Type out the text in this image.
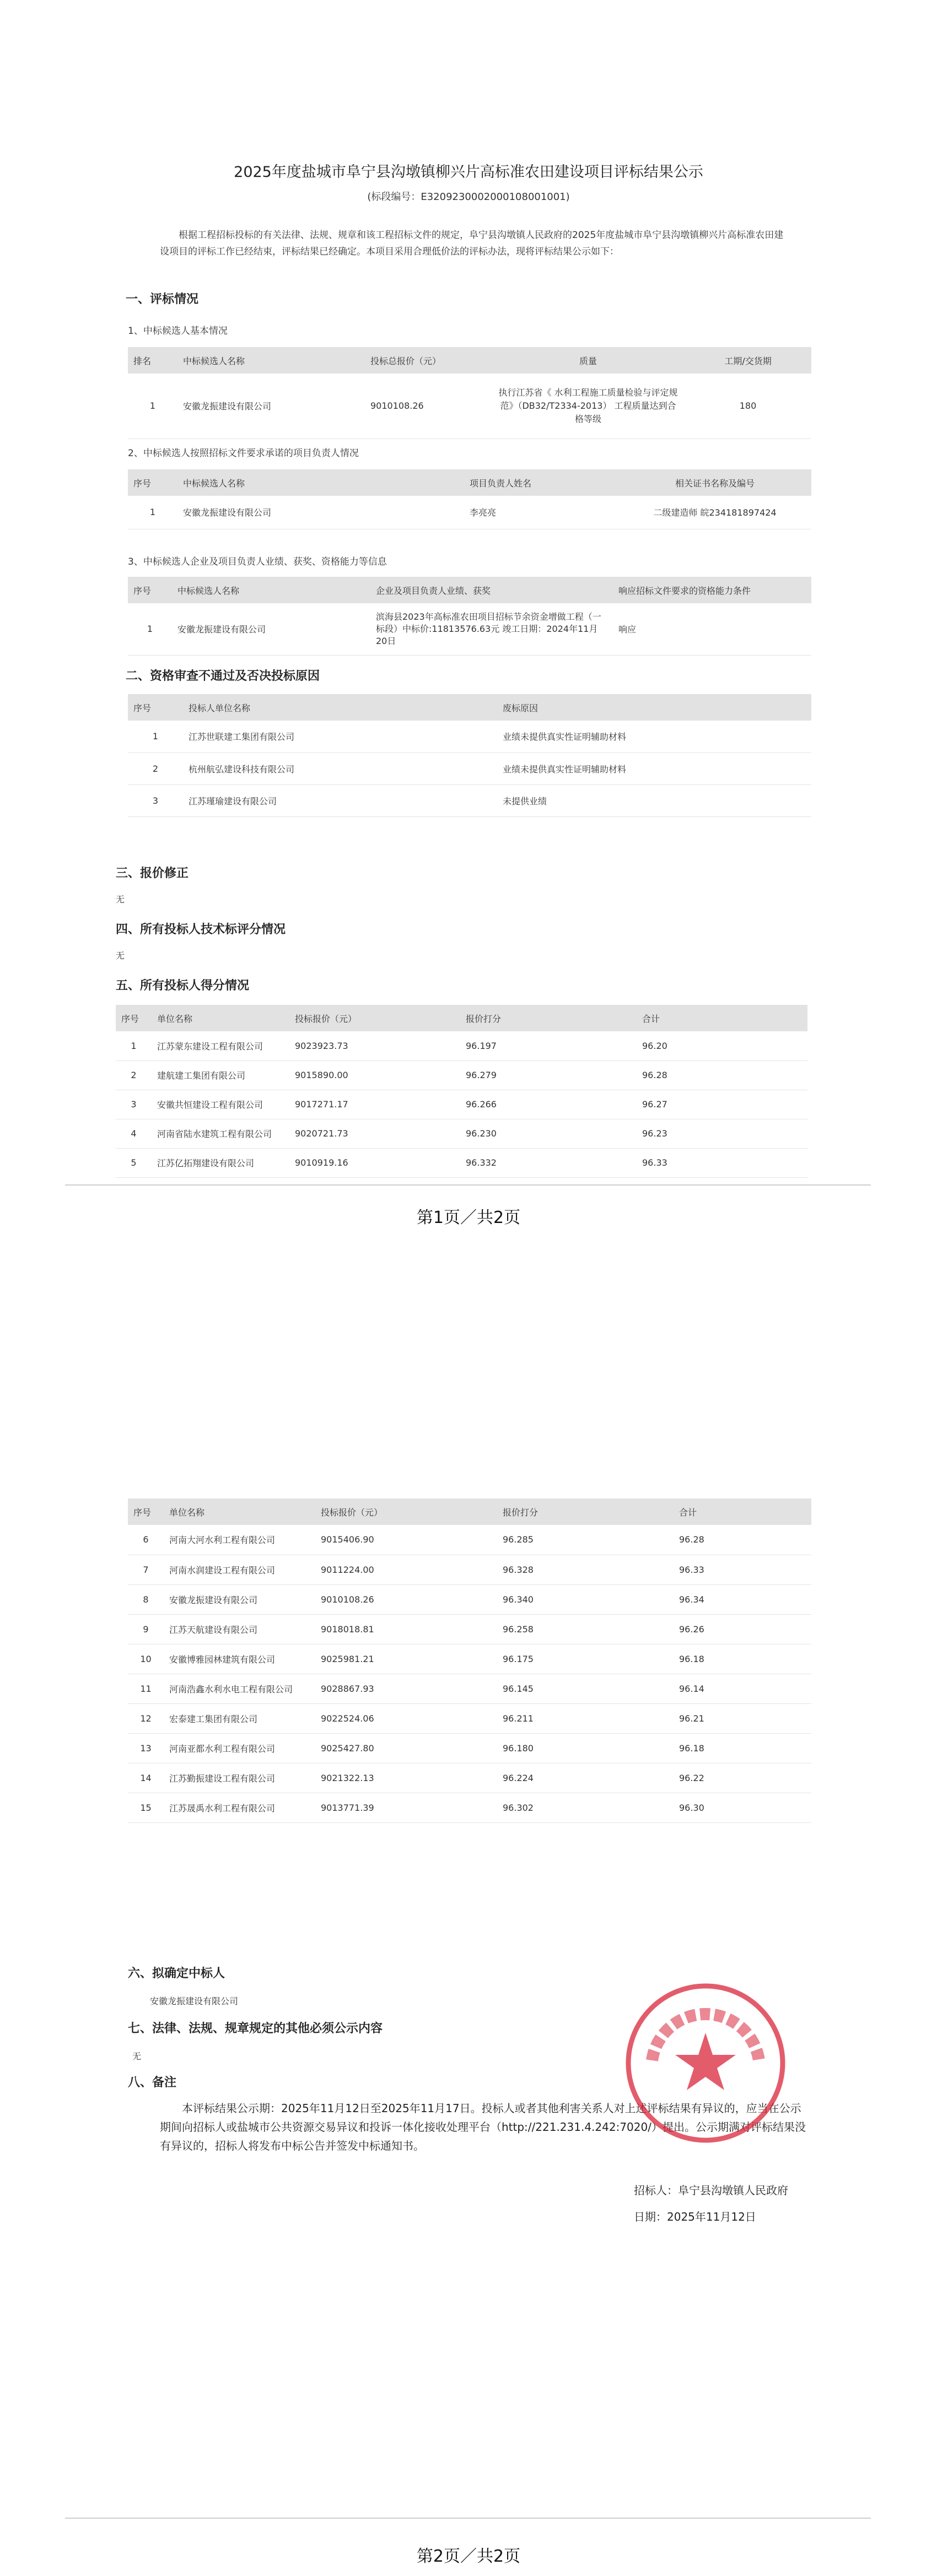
2025年度盐城市阜宁县沟墩镇柳兴片高标准农田建设项目评标结果公示
(标段编号：E3209230002000108001001)
根据工程招标投标的有关法律、法规、规章和该工程招标文件的规定，阜宁县沟墩镇人民政府的2025年度盐城市阜宁县沟墩镇柳兴片高标准农田建设项目的评标工作已经结束，评标结果已经确定。本项目采用合理低价法的评标办法，现将评标结果公示如下：
一、评标情况
1、中标候选人基本情况
排名	中标候选人名称	投标总报价（元）	质量	工期/交货期
1	安徽龙振建设有限公司	9010108.26	执行江苏省《 水利工程施工质量检验与评定规范》（DB32/T2334-2013） 工程质量达到合格等级	180
2、中标候选人按照招标文件要求承诺的项目负责人情况
序号	中标候选人名称	项目负责人姓名	相关证书名称及编号
1	安徽龙振建设有限公司	李亮亮	二级建造师 皖234181897424
3、中标候选人企业及项目负责人业绩、获奖、资格能力等信息
序号	中标候选人名称	企业及项目负责人业绩、获奖	响应招标文件要求的资格能力条件
1	安徽龙振建设有限公司	滨海县2023年高标准农田项目招标节余资金增做工程（一标段）中标价:11813576.63元 竣工日期：2024年11月20日	响应
二、资格审查不通过及否决投标原因
序号	投标人单位名称	废标原因
1	江苏世联建工集团有限公司	业绩未提供真实性证明辅助材料
2	杭州航弘建设科技有限公司	业绩未提供真实性证明辅助材料
3	江苏瑾瑜建设有限公司	未提供业绩
三、报价修正
无
四、所有投标人技术标评分情况
无
五、所有投标人得分情况
序号	单位名称	投标报价（元）	报价打分	合计
1	江苏蒙东建设工程有限公司	9023923.73	96.197	96.20
2	建航建工集团有限公司	9015890.00	96.279	96.28
3	安徽共恒建设工程有限公司	9017271.17	96.266	96.27
4	河南省陆水建筑工程有限公司	9020721.73	96.230	96.23
5	江苏亿拓翔建设有限公司	9010919.16	96.332	96.33
第1页／共2页
序号	单位名称	投标报价（元）	报价打分	合计
6	河南大河水利工程有限公司	9015406.90	96.285	96.28
7	河南水润建设工程有限公司	9011224.00	96.328	96.33
8	安徽龙振建设有限公司	9010108.26	96.340	96.34
9	江苏天航建设有限公司	9018018.81	96.258	96.26
10	安徽博雅园林建筑有限公司	9025981.21	96.175	96.18
11	河南浩鑫水利水电工程有限公司	9028867.93	96.145	96.14
12	宏泰建工集团有限公司	9022524.06	96.211	96.21
13	河南亚都水利工程有限公司	9025427.80	96.180	96.18
14	江苏勤振建设工程有限公司	9021322.13	96.224	96.22
15	江苏晟禹水利工程有限公司	9013771.39	96.302	96.30
六、拟确定中标人
安徽龙振建设有限公司
七、法律、法规、规章规定的其他必须公示内容
无
八、备注
本评标结果公示期：2025年11月12日至2025年11月17日。投标人或者其他利害关系人对上述评标结果有异议的，应当在公示期间向招标人或盐城市公共资源交易异议和投诉一体化接收处理平台（http://221.231.4.242:7020/）提出。公示期满对评标结果没有异议的，招标人将发布中标公告并签发中标通知书。
招标人：阜宁县沟墩镇人民政府
日期：2025年11月12日
第2页／共2页
